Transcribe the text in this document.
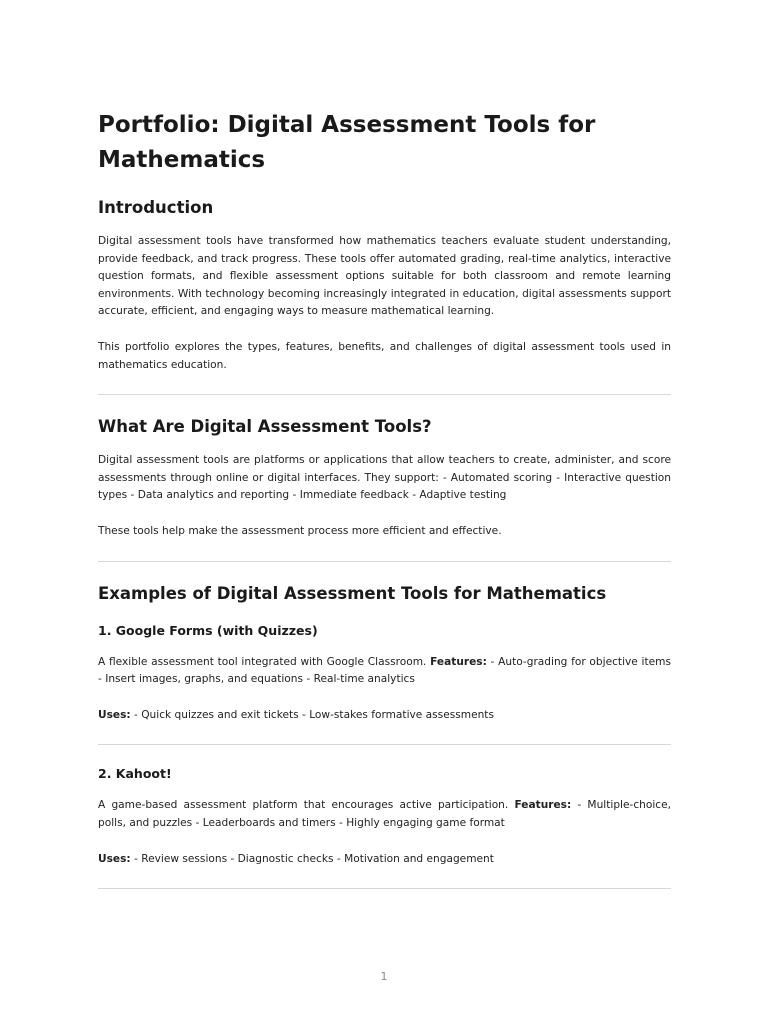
Portfolio: Digital Assessment Tools for Mathematics
Introduction

Digital assessment tools have transformed how mathematics teachers evaluate student understanding, provide feedback, and track progress. These tools offer automated grading, real-time analytics, interactive question formats, and flexible assessment options suitable for both classroom and remote learning environments. With technology becoming increasingly integrated in education, digital assessments support accurate, efficient, and engaging ways to measure mathematical learning.

This portfolio explores the types, features, benefits, and challenges of digital assessment tools used in mathematics education.

What Are Digital Assessment Tools?

Digital assessment tools are platforms or applications that allow teachers to create, administer, and score assessments through online or digital interfaces. They support: - Automated scoring - Interactive question types - Data analytics and reporting - Immediate feedback - Adaptive testing

These tools help make the assessment process more efficient and effective.

Examples of Digital Assessment Tools for Mathematics
1. Google Forms (with Quizzes)

A flexible assessment tool integrated with Google Classroom. Features: - Auto-grading for objective items - Insert images, graphs, and equations - Real-time analytics

Uses: - Quick quizzes and exit tickets - Low-stakes formative assessments

2. Kahoot!

A game-based assessment platform that encourages active participation. Features: - Multiple-choice, polls, and puzzles - Leaderboards and timers - Highly engaging game format

Uses: - Review sessions - Diagnostic checks - Motivation and engagement

1
